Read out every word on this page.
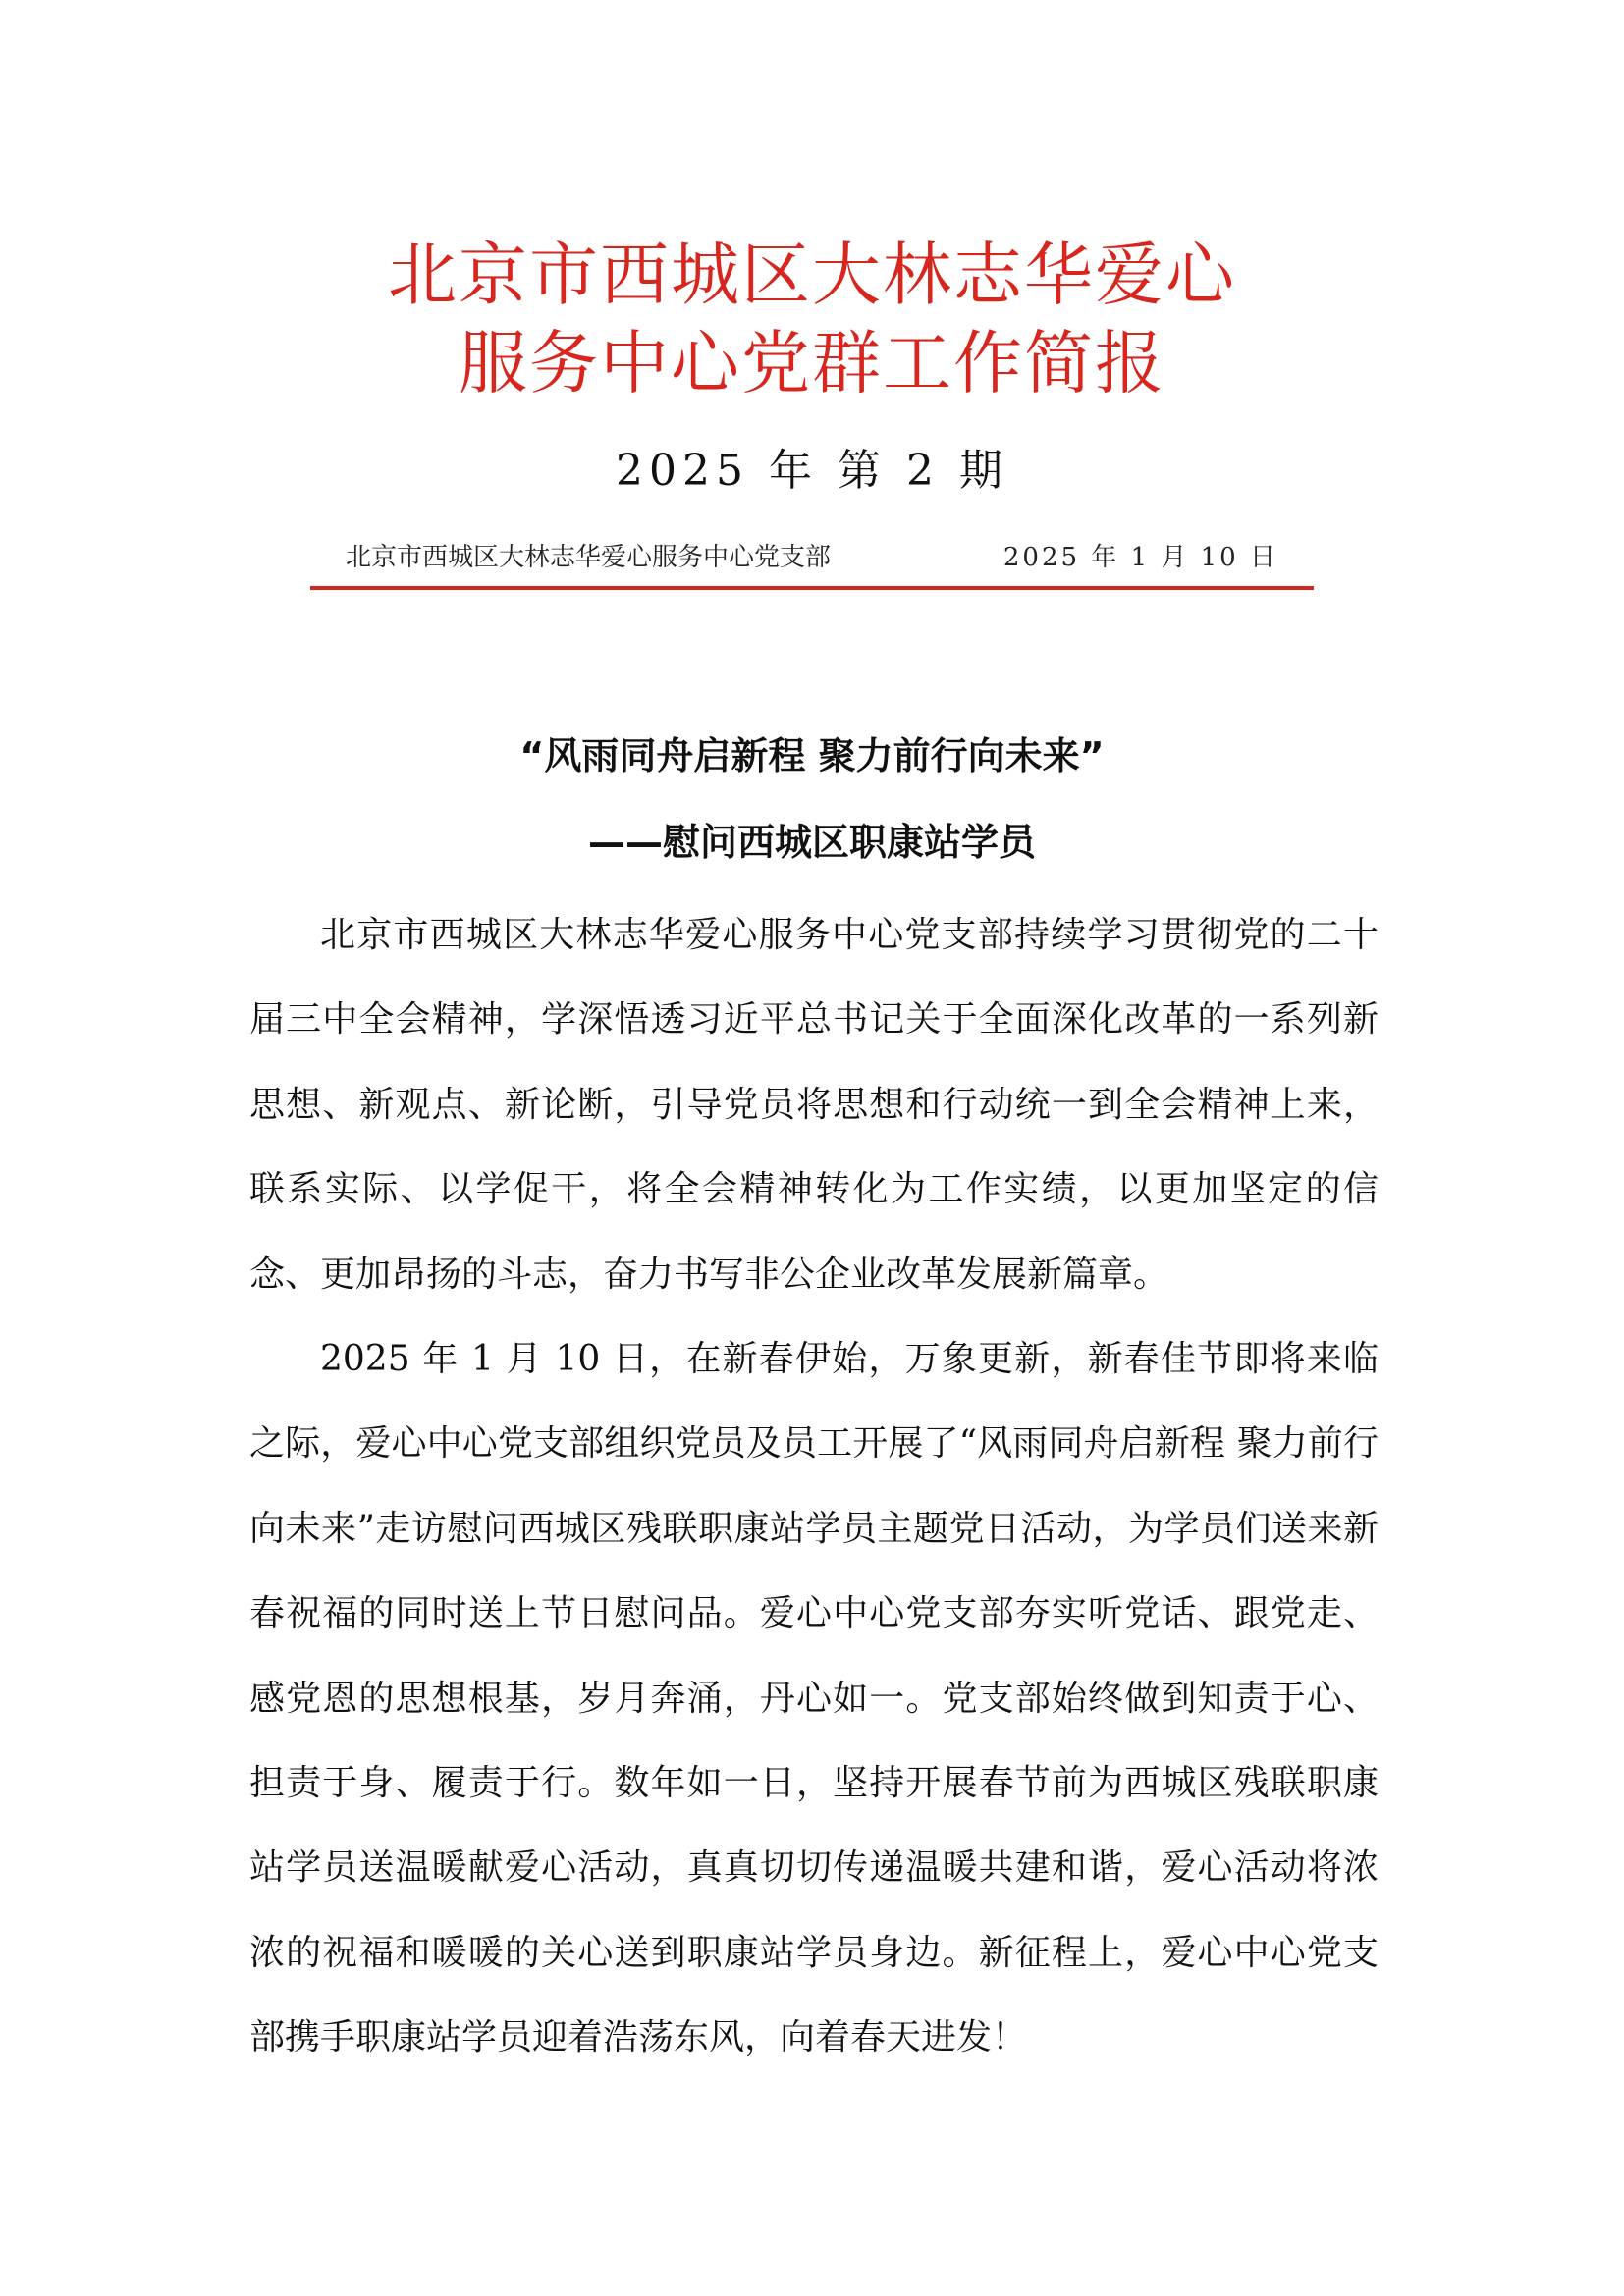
北京市西城区大林志华爱心
服务中心党群工作简报
2025 年 第 2 期
北京市西城区大林志华爱心服务中心党支部	2025 年 1 月 10 日
“风雨同舟启新程 聚力前行向未来”
——慰问西城区职康站学员

北京市西城区大林志华爱心服务中心党支部持续学习贯彻党的二十届三中全会精神，学深悟透习近平总书记关于全面深化改革的一系列新思想、新观点、新论断，引导党员将思想和行动统一到全会精神上来，联系实际、以学促干，将全会精神转化为工作实绩，以更加坚定的信念、更加昂扬的斗志，奋力书写非公企业改革发展新篇章。

2025 年 1 月 10 日，在新春伊始，万象更新，新春佳节即将来临之际，爱心中心党支部组织党员及员工开展了“风雨同舟启新程 聚力前行向未来”走访慰问西城区残联职康站学员主题党日活动，为学员们送来新春祝福的同时送上节日慰问品。爱心中心党支部夯实听党话、跟党走、感党恩的思想根基，岁月奔涌，丹心如一。党支部始终做到知责于心、担责于身、履责于行。数年如一日，坚持开展春节前为西城区残联职康站学员送温暖献爱心活动，真真切切传递温暖共建和谐，爱心活动将浓浓的祝福和暖暖的关心送到职康站学员身边。新征程上，爱心中心党支部携手职康站学员迎着浩荡东风，向着春天进发！
